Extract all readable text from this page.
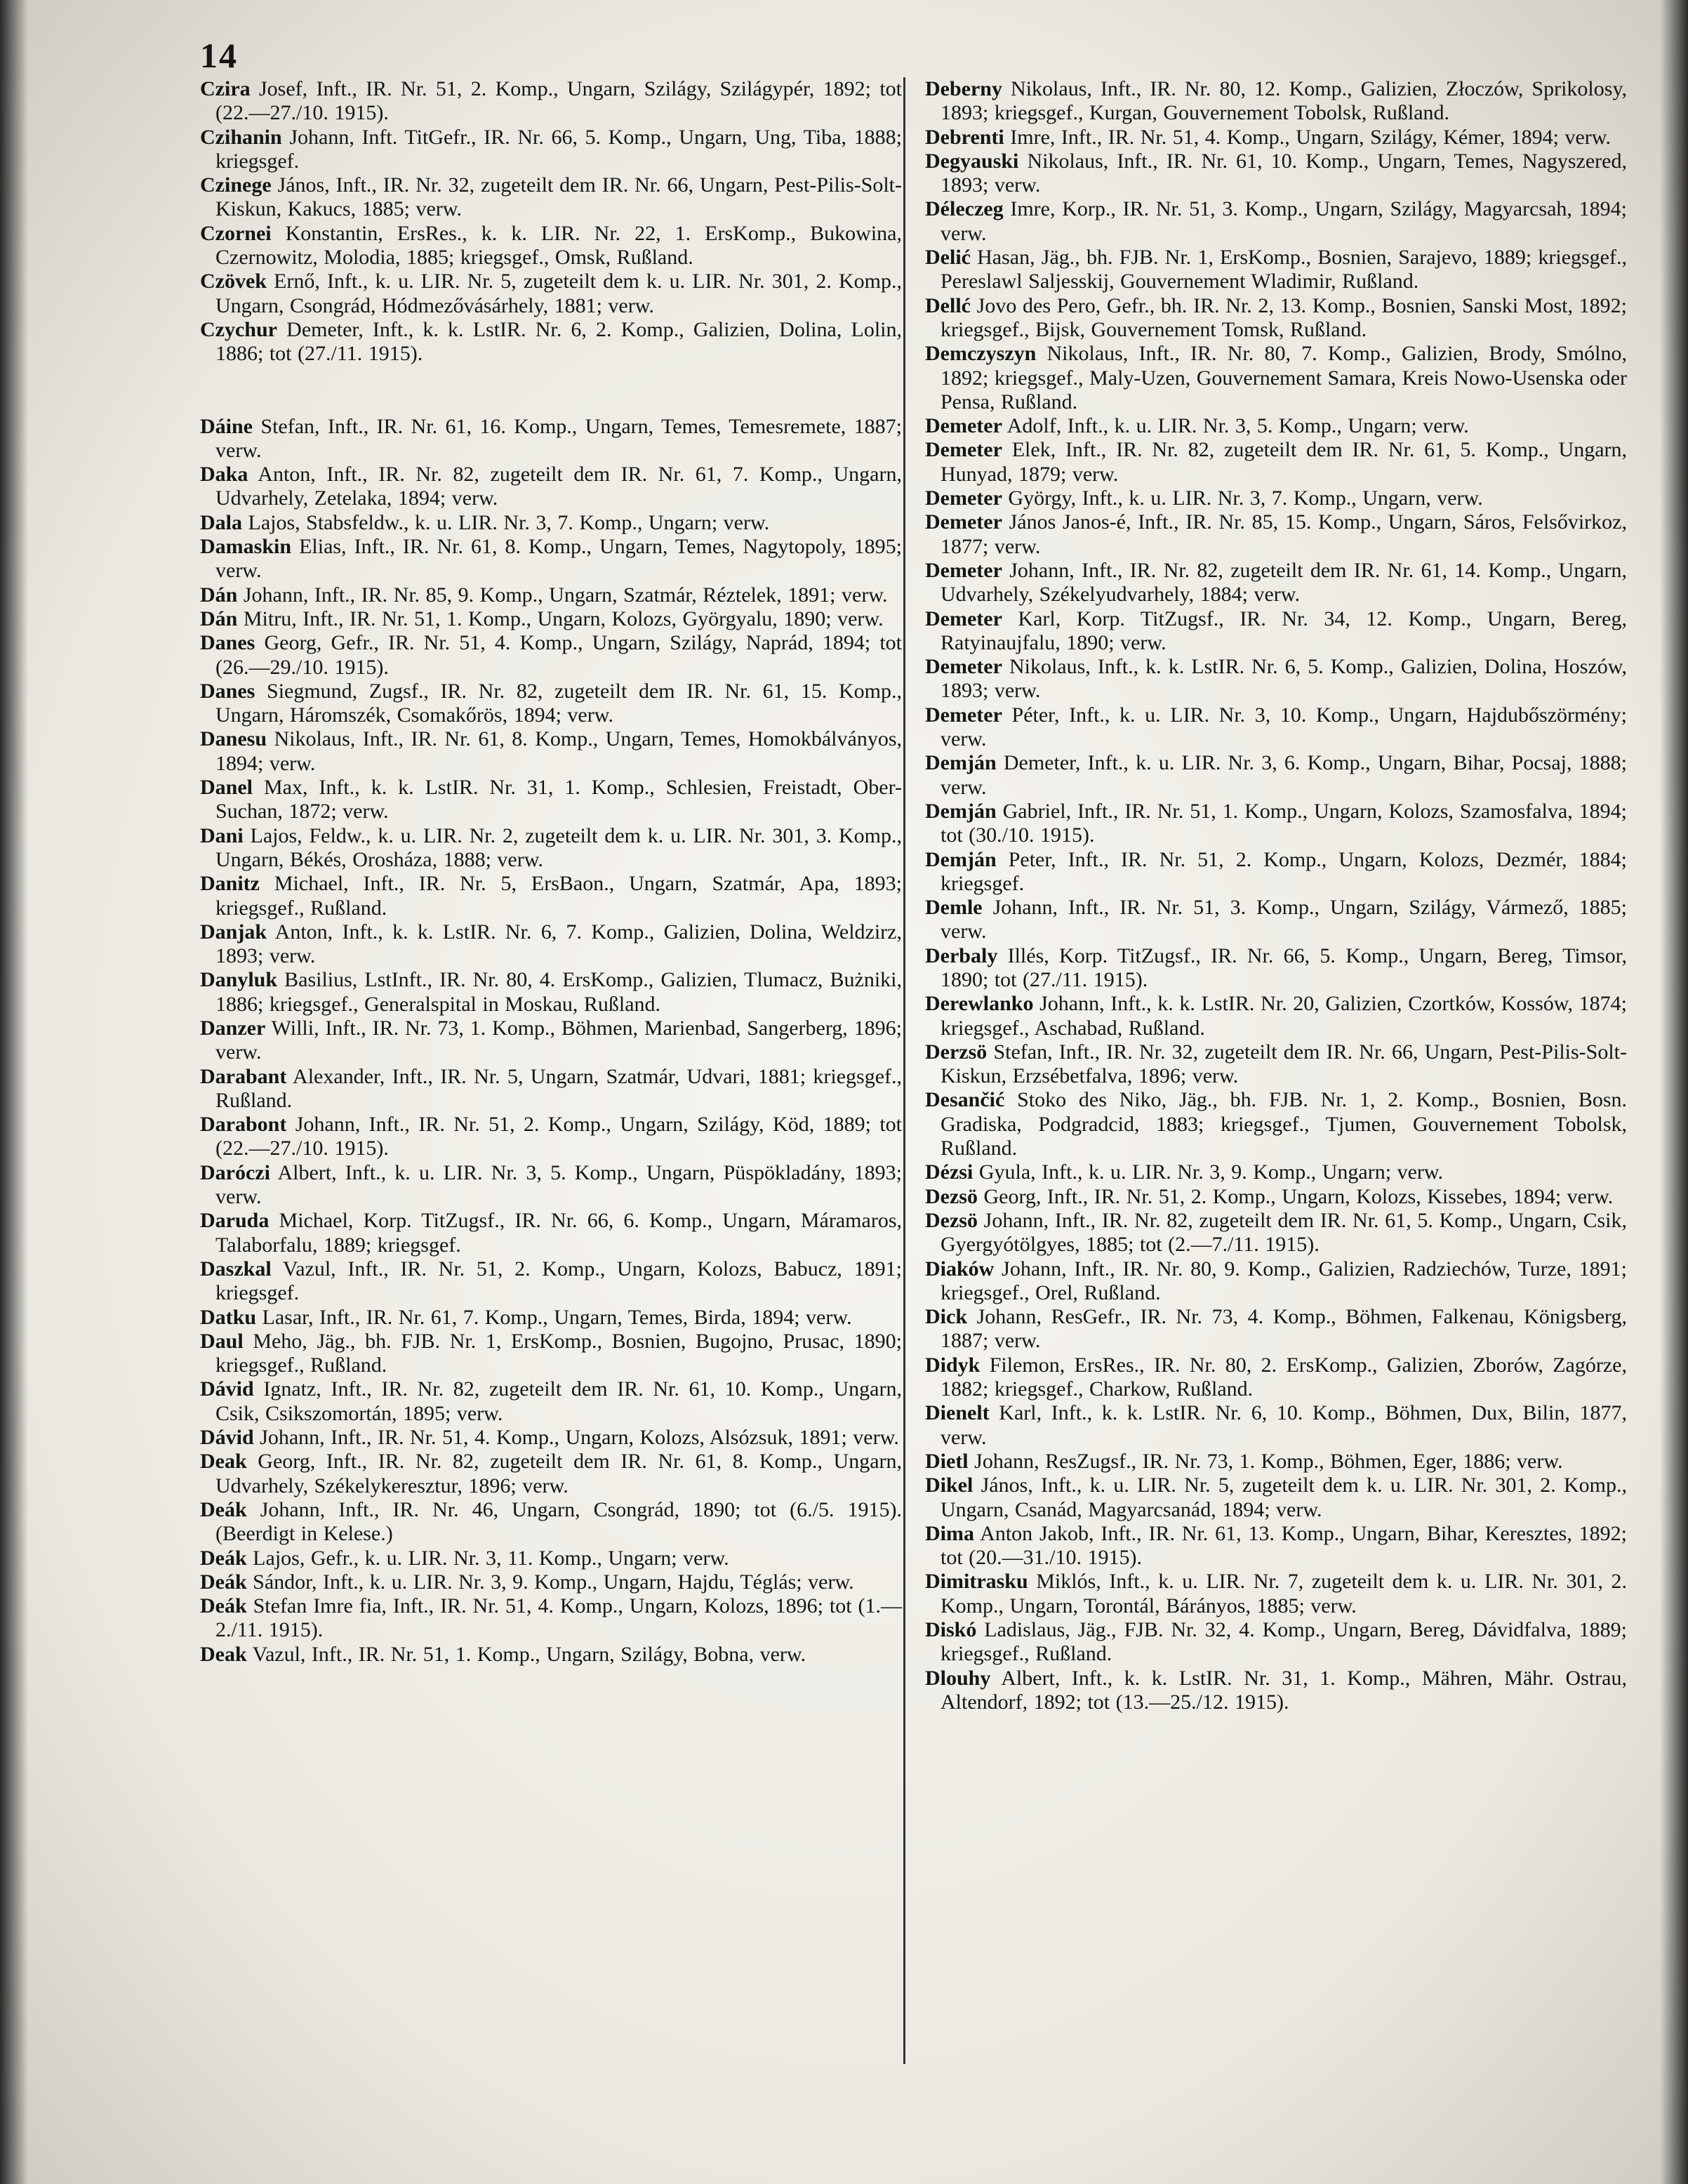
14

Czira Josef, Inft., IR. Nr. 51, 2. Komp., Ungarn, Szilágy, Szilágypér, 1892; tot (22.—27./10. 1915).

Czihanin Johann, Inft. TitGefr., IR. Nr. 66, 5. Komp., Ungarn, Ung, Tiba, 1888; kriegsgef.

Czinege János, Inft., IR. Nr. 32, zugeteilt dem IR. Nr. 66, Ungarn, Pest-Pilis-Solt-Kiskun, Kakucs, 1885; verw.

Czornei Konstantin, ErsRes., k. k. LIR. Nr. 22, 1. ErsKomp., Bukowina, Czernowitz, Molodia, 1885; kriegsgef., Omsk, Rußland.

Czövek Ernő, Inft., k. u. LIR. Nr. 5, zugeteilt dem k. u. LIR. Nr. 301, 2. Komp., Ungarn, Csongrád, Hódmezővásárhely, 1881; verw.

Czychur Demeter, Inft., k. k. LstIR. Nr. 6, 2. Komp., Galizien, Dolina, Lolin, 1886; tot (27./11. 1915).

Dáine Stefan, Inft., IR. Nr. 61, 16. Komp., Ungarn, Temes, Temesremete, 1887; verw.

Daka Anton, Inft., IR. Nr. 82, zugeteilt dem IR. Nr. 61, 7. Komp., Ungarn, Udvarhely, Zetelaka, 1894; verw.

Dala Lajos, Stabsfeldw., k. u. LIR. Nr. 3, 7. Komp., Ungarn; verw.

Damaskin Elias, Inft., IR. Nr. 61, 8. Komp., Ungarn, Temes, Nagytopoly, 1895; verw.

Dán Johann, Inft., IR. Nr. 85, 9. Komp., Ungarn, Szatmár, Réztelek, 1891; verw.

Dán Mitru, Inft., IR. Nr. 51, 1. Komp., Ungarn, Kolozs, Györgyalu, 1890; verw.

Danes Georg, Gefr., IR. Nr. 51, 4. Komp., Ungarn, Szilágy, Naprád, 1894; tot (26.—29./10. 1915).

Danes Siegmund, Zugsf., IR. Nr. 82, zugeteilt dem IR. Nr. 61, 15. Komp., Ungarn, Háromszék, Csomakőrös, 1894; verw.

Danesu Nikolaus, Inft., IR. Nr. 61, 8. Komp., Ungarn, Temes, Homokbálványos, 1894; verw.

Danel Max, Inft., k. k. LstIR. Nr. 31, 1. Komp., Schlesien, Freistadt, Ober-Suchan, 1872; verw.

Dani Lajos, Feldw., k. u. LIR. Nr. 2, zugeteilt dem k. u. LIR. Nr. 301, 3. Komp., Ungarn, Békés, Orosháza, 1888; verw.

Danitz Michael, Inft., IR. Nr. 5, ErsBaon., Ungarn, Szatmár, Apa, 1893; kriegsgef., Rußland.

Danjak Anton, Inft., k. k. LstIR. Nr. 6, 7. Komp., Galizien, Dolina, Weldzirz, 1893; verw.

Danyluk Basilius, LstInft., IR. Nr. 80, 4. ErsKomp., Galizien, Tlumacz, Bużniki, 1886; kriegsgef., Generalspital in Moskau, Rußland.

Danzer Willi, Inft., IR. Nr. 73, 1. Komp., Böhmen, Marienbad, Sangerberg, 1896; verw.

Darabant Alexander, Inft., IR. Nr. 5, Ungarn, Szatmár, Udvari, 1881; kriegsgef., Rußland.

Darabont Johann, Inft., IR. Nr. 51, 2. Komp., Ungarn, Szilágy, Köd, 1889; tot (22.—27./10. 1915).

Daróczi Albert, Inft., k. u. LIR. Nr. 3, 5. Komp., Ungarn, Püspökladány, 1893; verw.

Daruda Michael, Korp. TitZugsf., IR. Nr. 66, 6. Komp., Ungarn, Máramaros, Talaborfalu, 1889; kriegsgef.

Daszkal Vazul, Inft., IR. Nr. 51, 2. Komp., Ungarn, Kolozs, Babucz, 1891; kriegsgef.

Datku Lasar, Inft., IR. Nr. 61, 7. Komp., Ungarn, Temes, Birda, 1894; verw.

Daul Meho, Jäg., bh. FJB. Nr. 1, ErsKomp., Bosnien, Bugojno, Prusac, 1890; kriegsgef., Rußland.

Dávid Ignatz, Inft., IR. Nr. 82, zugeteilt dem IR. Nr. 61, 10. Komp., Ungarn, Csik, Csikszomortán, 1895; verw.

Dávid Johann, Inft., IR. Nr. 51, 4. Komp., Ungarn, Kolozs, Alsózsuk, 1891; verw.

Deak Georg, Inft., IR. Nr. 82, zugeteilt dem IR. Nr. 61, 8. Komp., Ungarn, Udvarhely, Székelykeresztur, 1896; verw.

Deák Johann, Inft., IR. Nr. 46, Ungarn, Csongrád, 1890; tot (6./5. 1915). (Beerdigt in Kelese.)

Deák Lajos, Gefr., k. u. LIR. Nr. 3, 11. Komp., Ungarn; verw.

Deák Sándor, Inft., k. u. LIR. Nr. 3, 9. Komp., Ungarn, Hajdu, Téglás; verw.

Deák Stefan Imre fia, Inft., IR. Nr. 51, 4. Komp., Ungarn, Kolozs, 1896; tot (1.—2./11. 1915).

Deak Vazul, Inft., IR. Nr. 51, 1. Komp., Ungarn, Szilágy, Bobna, verw.

Deberny Nikolaus, Inft., IR. Nr. 80, 12. Komp., Galizien, Złoczów, Sprikolosy, 1893; kriegsgef., Kurgan, Gouvernement Tobolsk, Rußland.

Debrenti Imre, Inft., IR. Nr. 51, 4. Komp., Ungarn, Szilágy, Kémer, 1894; verw.

Degyauski Nikolaus, Inft., IR. Nr. 61, 10. Komp., Ungarn, Temes, Nagyszered, 1893; verw.

Déleczeg Imre, Korp., IR. Nr. 51, 3. Komp., Ungarn, Szilágy, Magyarcsah, 1894; verw.

Delić Hasan, Jäg., bh. FJB. Nr. 1, ErsKomp., Bosnien, Sarajevo, 1889; kriegsgef., Pereslawl Saljesskij, Gouvernement Wladimir, Rußland.

Dellć Jovo des Pero, Gefr., bh. IR. Nr. 2, 13. Komp., Bosnien, Sanski Most, 1892; kriegsgef., Bijsk, Gouvernement Tomsk, Rußland.

Demczyszyn Nikolaus, Inft., IR. Nr. 80, 7. Komp., Galizien, Brody, Smólno, 1892; kriegsgef., Maly-Uzen, Gouvernement Samara, Kreis Nowo-Usenska oder Pensa, Rußland.

Demeter Adolf, Inft., k. u. LIR. Nr. 3, 5. Komp., Ungarn; verw.

Demeter Elek, Inft., IR. Nr. 82, zugeteilt dem IR. Nr. 61, 5. Komp., Ungarn, Hunyad, 1879; verw.

Demeter György, Inft., k. u. LIR. Nr. 3, 7. Komp., Ungarn, verw.

Demeter János Janos-é, Inft., IR. Nr. 85, 15. Komp., Ungarn, Sáros, Felsővirkoz, 1877; verw.

Demeter Johann, Inft., IR. Nr. 82, zugeteilt dem IR. Nr. 61, 14. Komp., Ungarn, Udvarhely, Székelyudvarhely, 1884; verw.

Demeter Karl, Korp. TitZugsf., IR. Nr. 34, 12. Komp., Ungarn, Bereg, Ratyinaujfalu, 1890; verw.

Demeter Nikolaus, Inft., k. k. LstIR. Nr. 6, 5. Komp., Galizien, Dolina, Hoszów, 1893; verw.

Demeter Péter, Inft., k. u. LIR. Nr. 3, 10. Komp., Ungarn, Hajdubőszörmény; verw.

Demján Demeter, Inft., k. u. LIR. Nr. 3, 6. Komp., Ungarn, Bihar, Pocsaj, 1888; verw.

Demján Gabriel, Inft., IR. Nr. 51, 1. Komp., Ungarn, Kolozs, Szamosfalva, 1894; tot (30./10. 1915).

Demján Peter, Inft., IR. Nr. 51, 2. Komp., Ungarn, Kolozs, Dezmér, 1884; kriegsgef.

Demle Johann, Inft., IR. Nr. 51, 3. Komp., Ungarn, Szilágy, Vármező, 1885; verw.

Derbaly Illés, Korp. TitZugsf., IR. Nr. 66, 5. Komp., Ungarn, Bereg, Timsor, 1890; tot (27./11. 1915).

Derewlanko Johann, Inft., k. k. LstIR. Nr. 20, Galizien, Czortków, Kossów, 1874; kriegsgef., Aschabad, Rußland.

Derzsö Stefan, Inft., IR. Nr. 32, zugeteilt dem IR. Nr. 66, Ungarn, Pest-Pilis-Solt-Kiskun, Erzsébetfalva, 1896; verw.

Desančić Stoko des Niko, Jäg., bh. FJB. Nr. 1, 2. Komp., Bosnien, Bosn. Gradiska, Podgradcid, 1883; kriegsgef., Tjumen, Gouvernement Tobolsk, Rußland.

Dézsi Gyula, Inft., k. u. LIR. Nr. 3, 9. Komp., Ungarn; verw.

Dezsö Georg, Inft., IR. Nr. 51, 2. Komp., Ungarn, Kolozs, Kissebes, 1894; verw.

Dezsö Johann, Inft., IR. Nr. 82, zugeteilt dem IR. Nr. 61, 5. Komp., Ungarn, Csik, Gyergyótölgyes, 1885; tot (2.—7./11. 1915).

Diaków Johann, Inft., IR. Nr. 80, 9. Komp., Galizien, Radziechów, Turze, 1891; kriegsgef., Orel, Rußland.

Dick Johann, ResGefr., IR. Nr. 73, 4. Komp., Böhmen, Falkenau, Königsberg, 1887; verw.

Didyk Filemon, ErsRes., IR. Nr. 80, 2. ErsKomp., Galizien, Zborów, Zagórze, 1882; kriegsgef., Charkow, Rußland.

Dienelt Karl, Inft., k. k. LstIR. Nr. 6, 10. Komp., Böhmen, Dux, Bilin, 1877, verw.

Dietl Johann, ResZugsf., IR. Nr. 73, 1. Komp., Böhmen, Eger, 1886; verw.

Dikel János, Inft., k. u. LIR. Nr. 5, zugeteilt dem k. u. LIR. Nr. 301, 2. Komp., Ungarn, Csanád, Magyarcsanád, 1894; verw.

Dima Anton Jakob, Inft., IR. Nr. 61, 13. Komp., Ungarn, Bihar, Keresztes, 1892; tot (20.—31./10. 1915).

Dimitrasku Miklós, Inft., k. u. LIR. Nr. 7, zugeteilt dem k. u. LIR. Nr. 301, 2. Komp., Ungarn, Torontál, Bárányos, 1885; verw.

Diskó Ladislaus, Jäg., FJB. Nr. 32, 4. Komp., Ungarn, Bereg, Dávidfalva, 1889; kriegsgef., Rußland.

Dlouhy Albert, Inft., k. k. LstIR. Nr. 31, 1. Komp., Mähren, Mähr. Ostrau, Altendorf, 1892; tot (13.—25./12. 1915).
